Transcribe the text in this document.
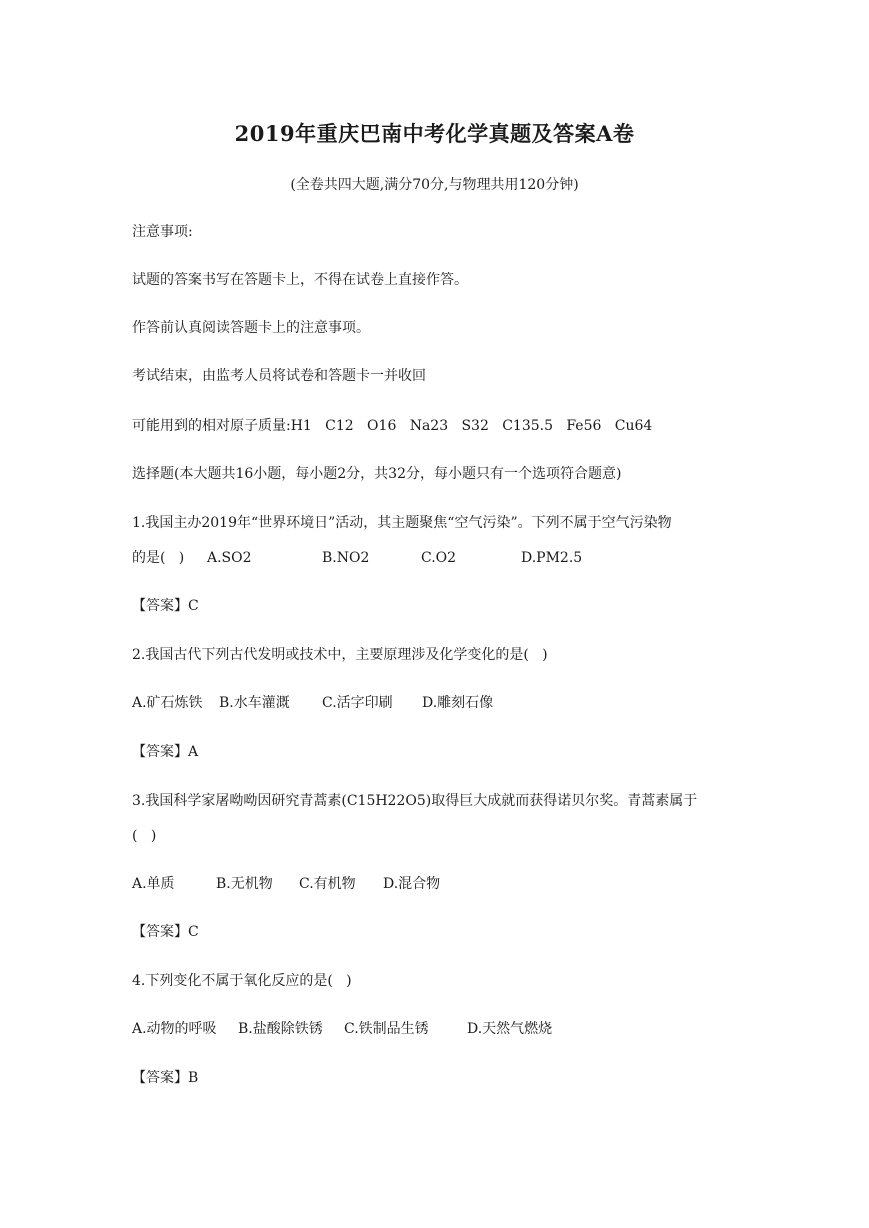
2019年重庆巴南中考化学真题及答案A卷
(全卷共四大题,满分70分,与物理共用120分钟)
注意事项:
试题的答案书写在答题卡上，不得在试卷上直接作答。
作答前认真阅读答题卡上的注意事项。
考试结束，由监考人员将试卷和答题卡一并收回
可能用到的相对原子质量:H1   C12   O16   Na23   S32   C135.5   Fe56   Cu64
选择题(本大题共16小题，每小题2分，共32分，每小题只有一个选项符合题意)
1.我国主办2019年“世界环境日”活动，其主题聚焦“空气污染”。下列不属于空气污染物
的是(   ) A.SO2	B.NO2	C.O2	D.PM2.5
【答案】C
2.我国古代下列古代发明或技术中，主要原理涉及化学变化的是(   )
A.矿石炼铁 B.水车灌溉 C.活字印刷 D.雕刻石像
【答案】A
3.我国科学家屠呦呦因研究青蒿素(C15H22O5)取得巨大成就而获得诺贝尔奖。青蒿素属于
(   )
A.单质	B.无机物 C.有机物 D.混合物
【答案】C
4.下列变化不属于氧化反应的是(   )
A.动物的呼吸 B.盐酸除铁锈 C.铁制品生锈	D.天然气燃烧
【答案】B
